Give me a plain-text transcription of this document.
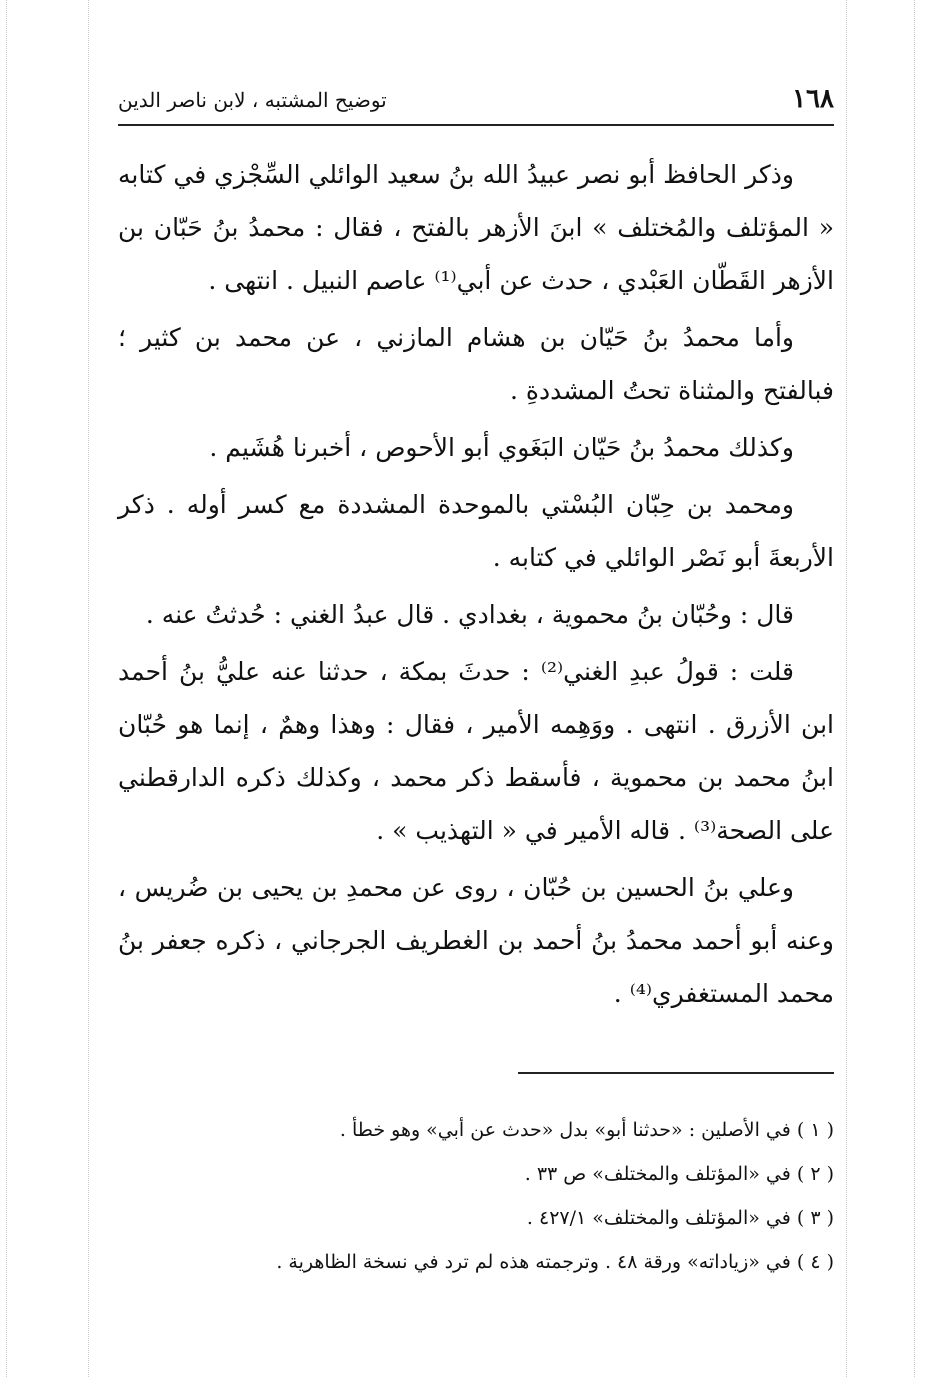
١٦٨
توضيح المشتبه ، لابن ناصر الدين

وذكر الحافظ أبو نصر عبيدُ الله بنُ سعيد الوائلي السِّجْزي في كتابه « المؤتلف والمُختلف » ابنَ الأزهر بالفتح ، فقال : محمدُ بنُ حَبّان بن الأزهر القَطّان العَبْدي ، حدث عن أبي⁽¹⁾ عاصم النبيل . انتهى .

وأما محمدُ بنُ حَيّان بن هشام المازني ، عن محمد بن كثير ؛ فبالفتح والمثناة تحتُ المشددةِ .

وكذلك محمدُ بنُ حَيّان البَغَوي أبو الأحوص ، أخبرنا هُشَيم .

ومحمد بن حِبّان البُسْتي بالموحدة المشددة مع كسر أوله . ذكر الأربعةَ أبو نَصْر الوائلي في كتابه .

قال : وحُبّان بنُ محموية ، بغدادي . قال عبدُ الغني : حُدثتُ عنه .

قلت : قولُ عبدِ الغني⁽²⁾ : حدثَ بمكة ، حدثنا عنه عليُّ بنُ أحمد ابن الأزرق . انتهى . ووَهِمه الأمير ، فقال : وهذا وهمٌ ، إنما هو حُبّان ابنُ محمد بن محموية ، فأسقط ذكر محمد ، وكذلك ذكره الدارقطني على الصحة⁽³⁾ . قاله الأمير في « التهذيب » .

وعلي بنُ الحسين بن حُبّان ، روى عن محمدِ بن يحيى بن ضُريس ، وعنه أبو أحمد محمدُ بنُ أحمد بن الغطريف الجرجاني ، ذكره جعفر بنُ محمد المستغفري⁽⁴⁾ .

( ١ ) في الأصلين : «حدثنا أبو» بدل «حدث عن أبي» وهو خطأ .
( ٢ ) في «المؤتلف والمختلف» ص ٣٣ .
( ٣ ) في «المؤتلف والمختلف» ٤٢٧/١ .
( ٤ ) في «زياداته» ورقة ٤٨ . وترجمته هذه لم ترد في نسخة الظاهرية .
